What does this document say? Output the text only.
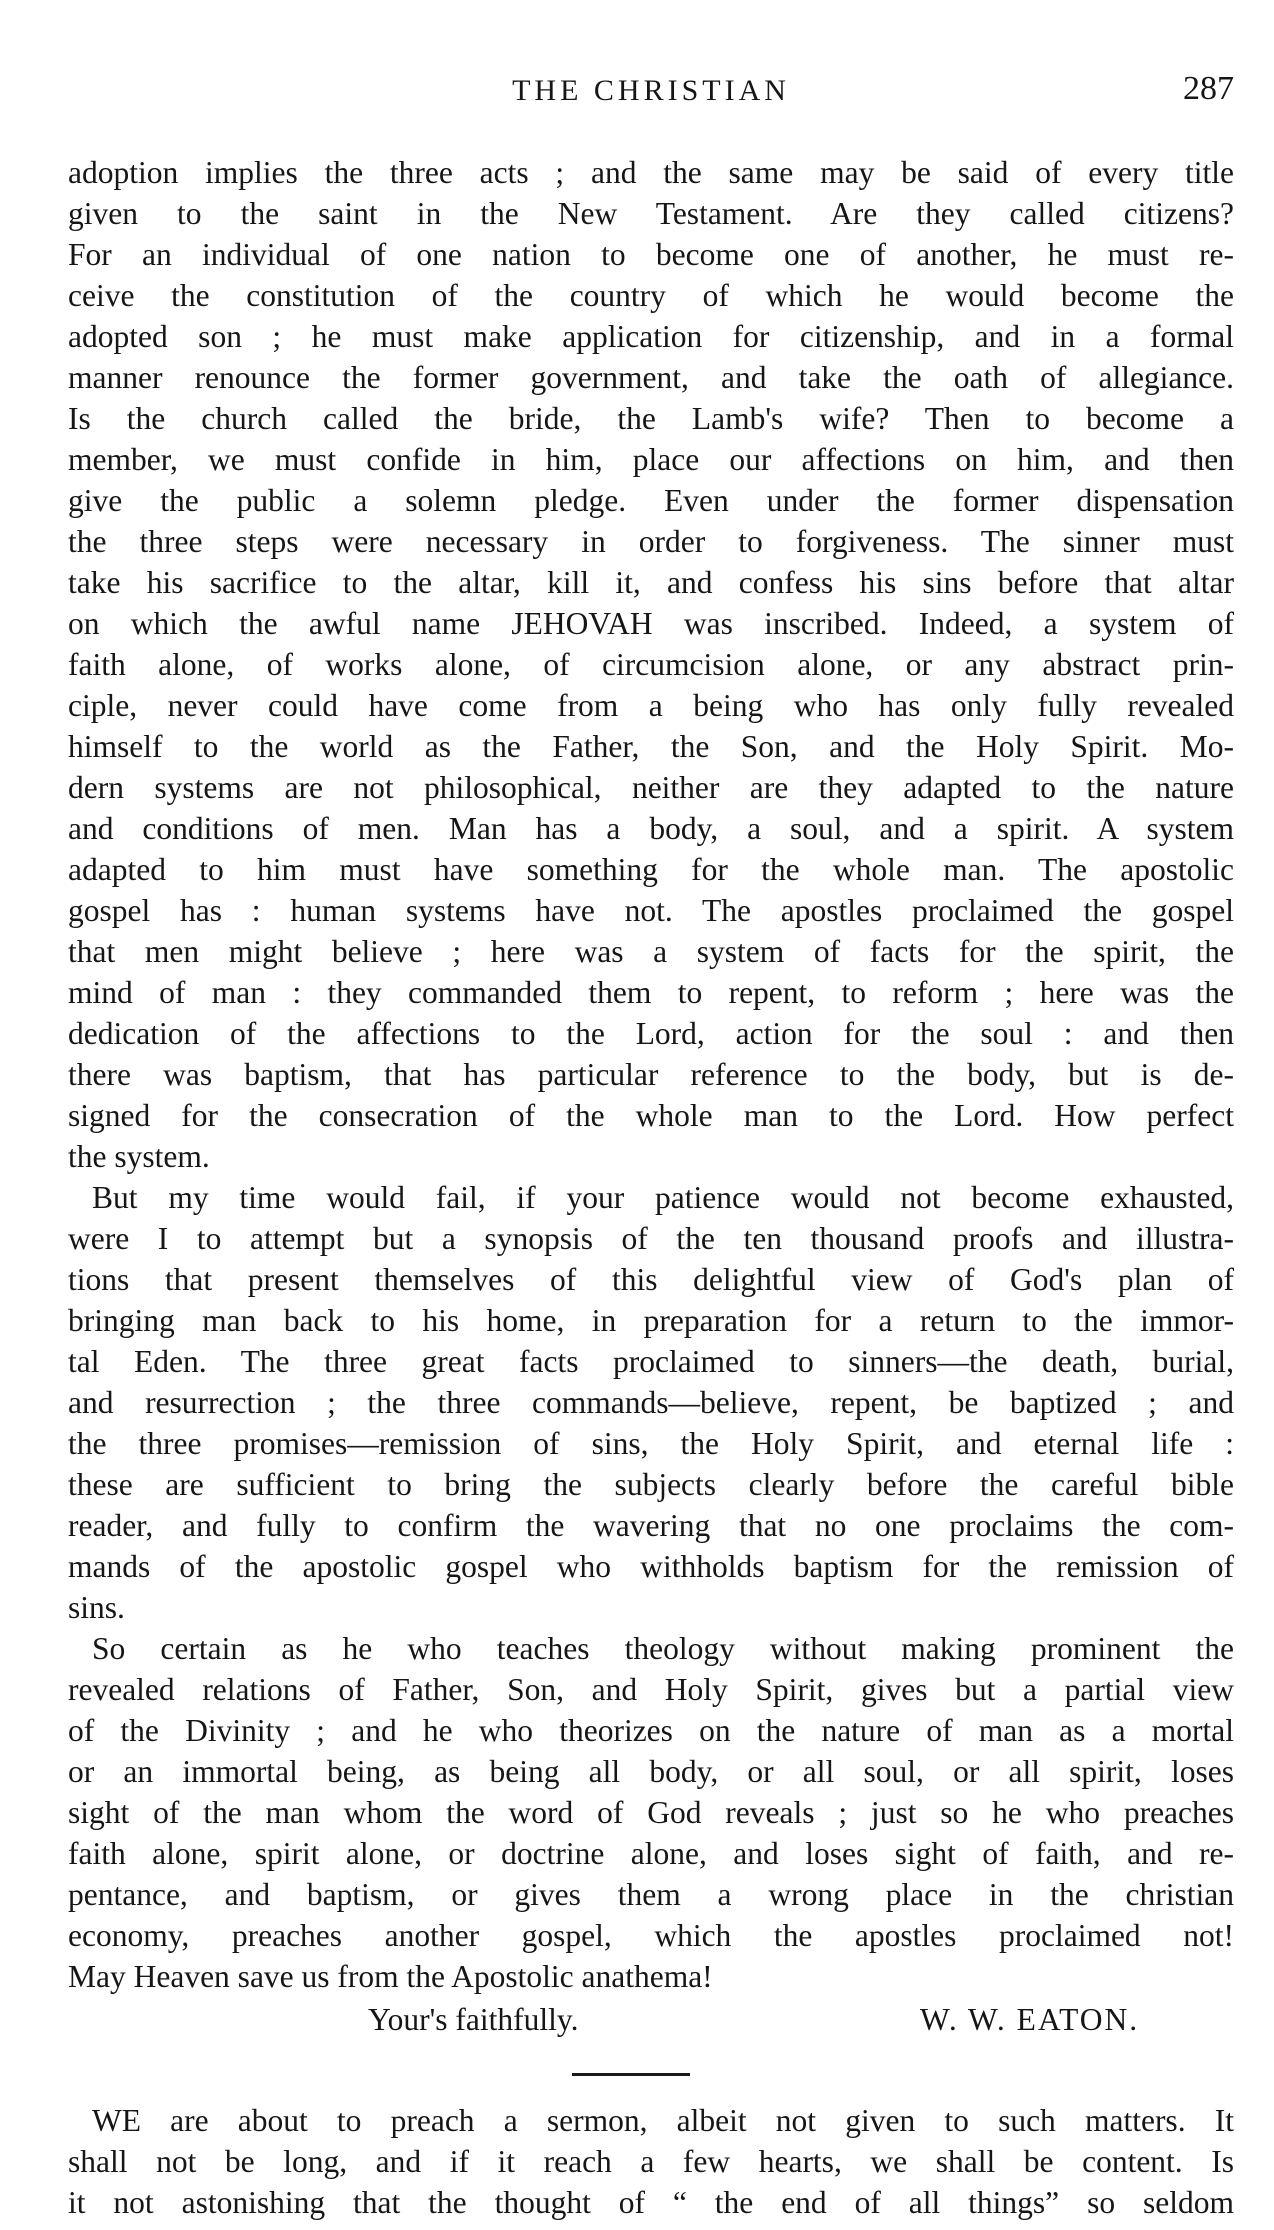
THE CHRISTIAN	287
adoption implies the three acts ; and the same may be said of every title
given to the saint in the New Testament. Are they called citizens?
For an individual of one nation to become one of another, he must re-
ceive the constitution of the country of which he would become the
adopted son ; he must make application for citizenship, and in a formal
manner renounce the former government, and take the oath of allegiance.
Is the church called the bride, the Lamb's wife? Then to become a
member, we must confide in him, place our affections on him, and then
give the public a solemn pledge. Even under the former dispensation
the three steps were necessary in order to forgiveness. The sinner must
take his sacrifice to the altar, kill it, and confess his sins before that altar
on which the awful name JEHOVAH was inscribed. Indeed, a system of
faith alone, of works alone, of circumcision alone, or any abstract prin-
ciple, never could have come from a being who has only fully revealed
himself to the world as the Father, the Son, and the Holy Spirit. Mo-
dern systems are not philosophical, neither are they adapted to the nature
and conditions of men. Man has a body, a soul, and a spirit. A system
adapted to him must have something for the whole man. The apostolic
gospel has : human systems have not. The apostles proclaimed the gospel
that men might believe ; here was a system of facts for the spirit, the
mind of man : they commanded them to repent, to reform ; here was the
dedication of the affections to the Lord, action for the soul : and then
there was baptism, that has particular reference to the body, but is de-
signed for the consecration of the whole man to the Lord. How perfect
the system.
But my time would fail, if your patience would not become exhausted,
were I to attempt but a synopsis of the ten thousand proofs and illustra-
tions that present themselves of this delightful view of God's plan of
bringing man back to his home, in preparation for a return to the immor-
tal Eden. The three great facts proclaimed to sinners—the death, burial,
and resurrection ; the three commands—believe, repent, be baptized ; and
the three promises—remission of sins, the Holy Spirit, and eternal life :
these are sufficient to bring the subjects clearly before the careful bible
reader, and fully to confirm the wavering that no one proclaims the com-
mands of the apostolic gospel who withholds baptism for the remission of
sins.
So certain as he who teaches theology without making prominent the
revealed relations of Father, Son, and Holy Spirit, gives but a partial view
of the Divinity ; and he who theorizes on the nature of man as a mortal
or an immortal being, as being all body, or all soul, or all spirit, loses
sight of the man whom the word of God reveals ; just so he who preaches
faith alone, spirit alone, or doctrine alone, and loses sight of faith, and re-
pentance, and baptism, or gives them a wrong place in the christian
economy, preaches another gospel, which the apostles proclaimed not!
May Heaven save us from the Apostolic anathema!
Your's faithfully.	W. W. EATON.
WE are about to preach a sermon, albeit not given to such matters. It
shall not be long, and if it reach a few hearts, we shall be content. Is
it not astonishing that the thought of “ the end of all things” so seldom
